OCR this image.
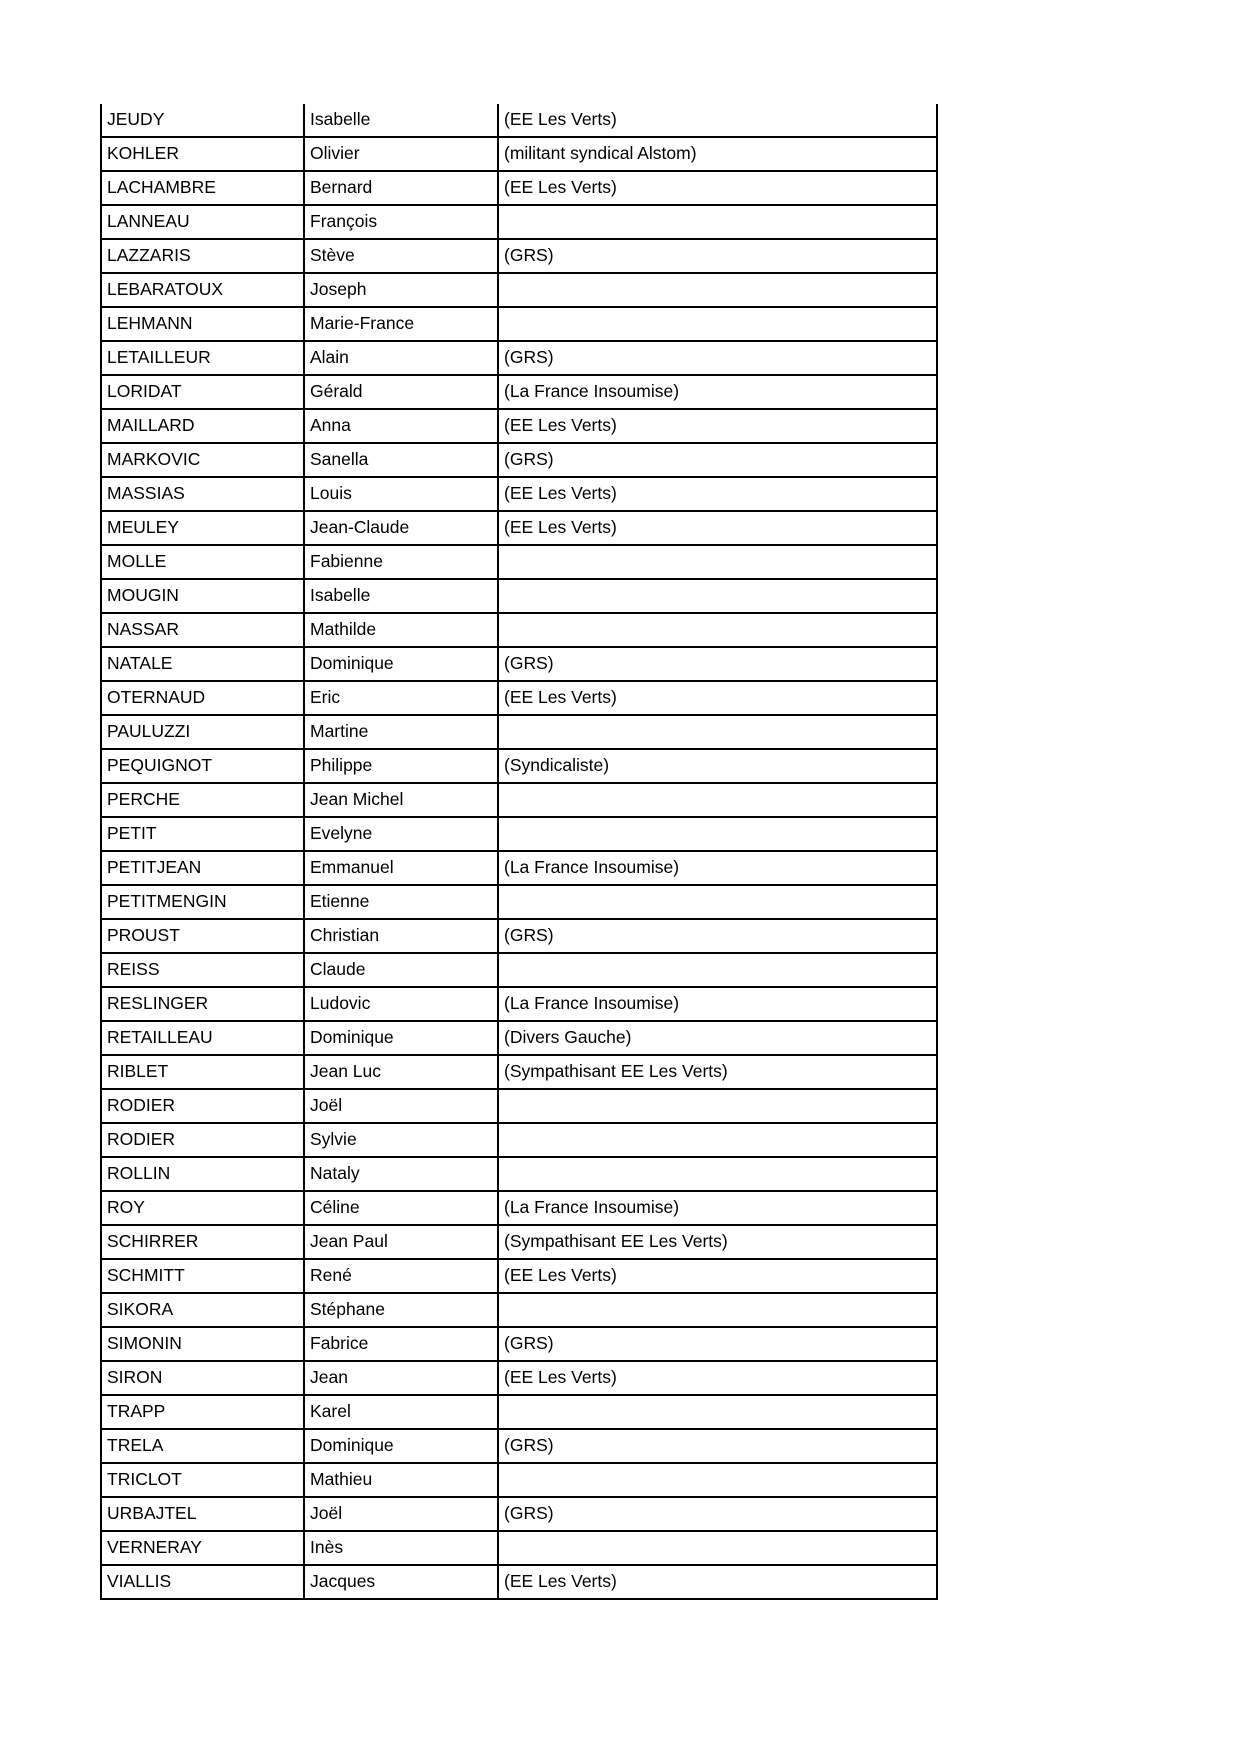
JEUDY	Isabelle	(EE Les Verts)
KOHLER	Olivier	(militant syndical Alstom)
LACHAMBRE	Bernard	(EE Les Verts)
LANNEAU	François	
LAZZARIS	Stève	(GRS)
LEBARATOUX	Joseph	
LEHMANN	Marie-France	
LETAILLEUR	Alain	(GRS)
LORIDAT	Gérald	(La France Insoumise)
MAILLARD	Anna	(EE Les Verts)
MARKOVIC	Sanella	(GRS)
MASSIAS	Louis	(EE Les Verts)
MEULEY	Jean-Claude	(EE Les Verts)
MOLLE	Fabienne	
MOUGIN	Isabelle	
NASSAR	Mathilde	
NATALE	Dominique	(GRS)
OTERNAUD	Eric	(EE Les Verts)
PAULUZZI	Martine	
PEQUIGNOT	Philippe	(Syndicaliste)
PERCHE	Jean Michel	
PETIT	Evelyne	
PETITJEAN	Emmanuel	(La France Insoumise)
PETITMENGIN	Etienne	
PROUST	Christian	(GRS)
REISS	Claude	
RESLINGER	Ludovic	(La France Insoumise)
RETAILLEAU	Dominique	(Divers Gauche)
RIBLET	Jean Luc	(Sympathisant EE Les Verts)
RODIER	Joël	
RODIER	Sylvie	
ROLLIN	Nataly	
ROY	Céline	(La France Insoumise)
SCHIRRER	Jean Paul	(Sympathisant EE Les Verts)
SCHMITT	René	(EE Les Verts)
SIKORA	Stéphane	
SIMONIN	Fabrice	(GRS)
SIRON	Jean	(EE Les Verts)
TRAPP	Karel	
TRELA	Dominique	(GRS)
TRICLOT	Mathieu	
URBAJTEL	Joël	(GRS)
VERNERAY	Inès	
VIALLIS	Jacques	(EE Les Verts)
